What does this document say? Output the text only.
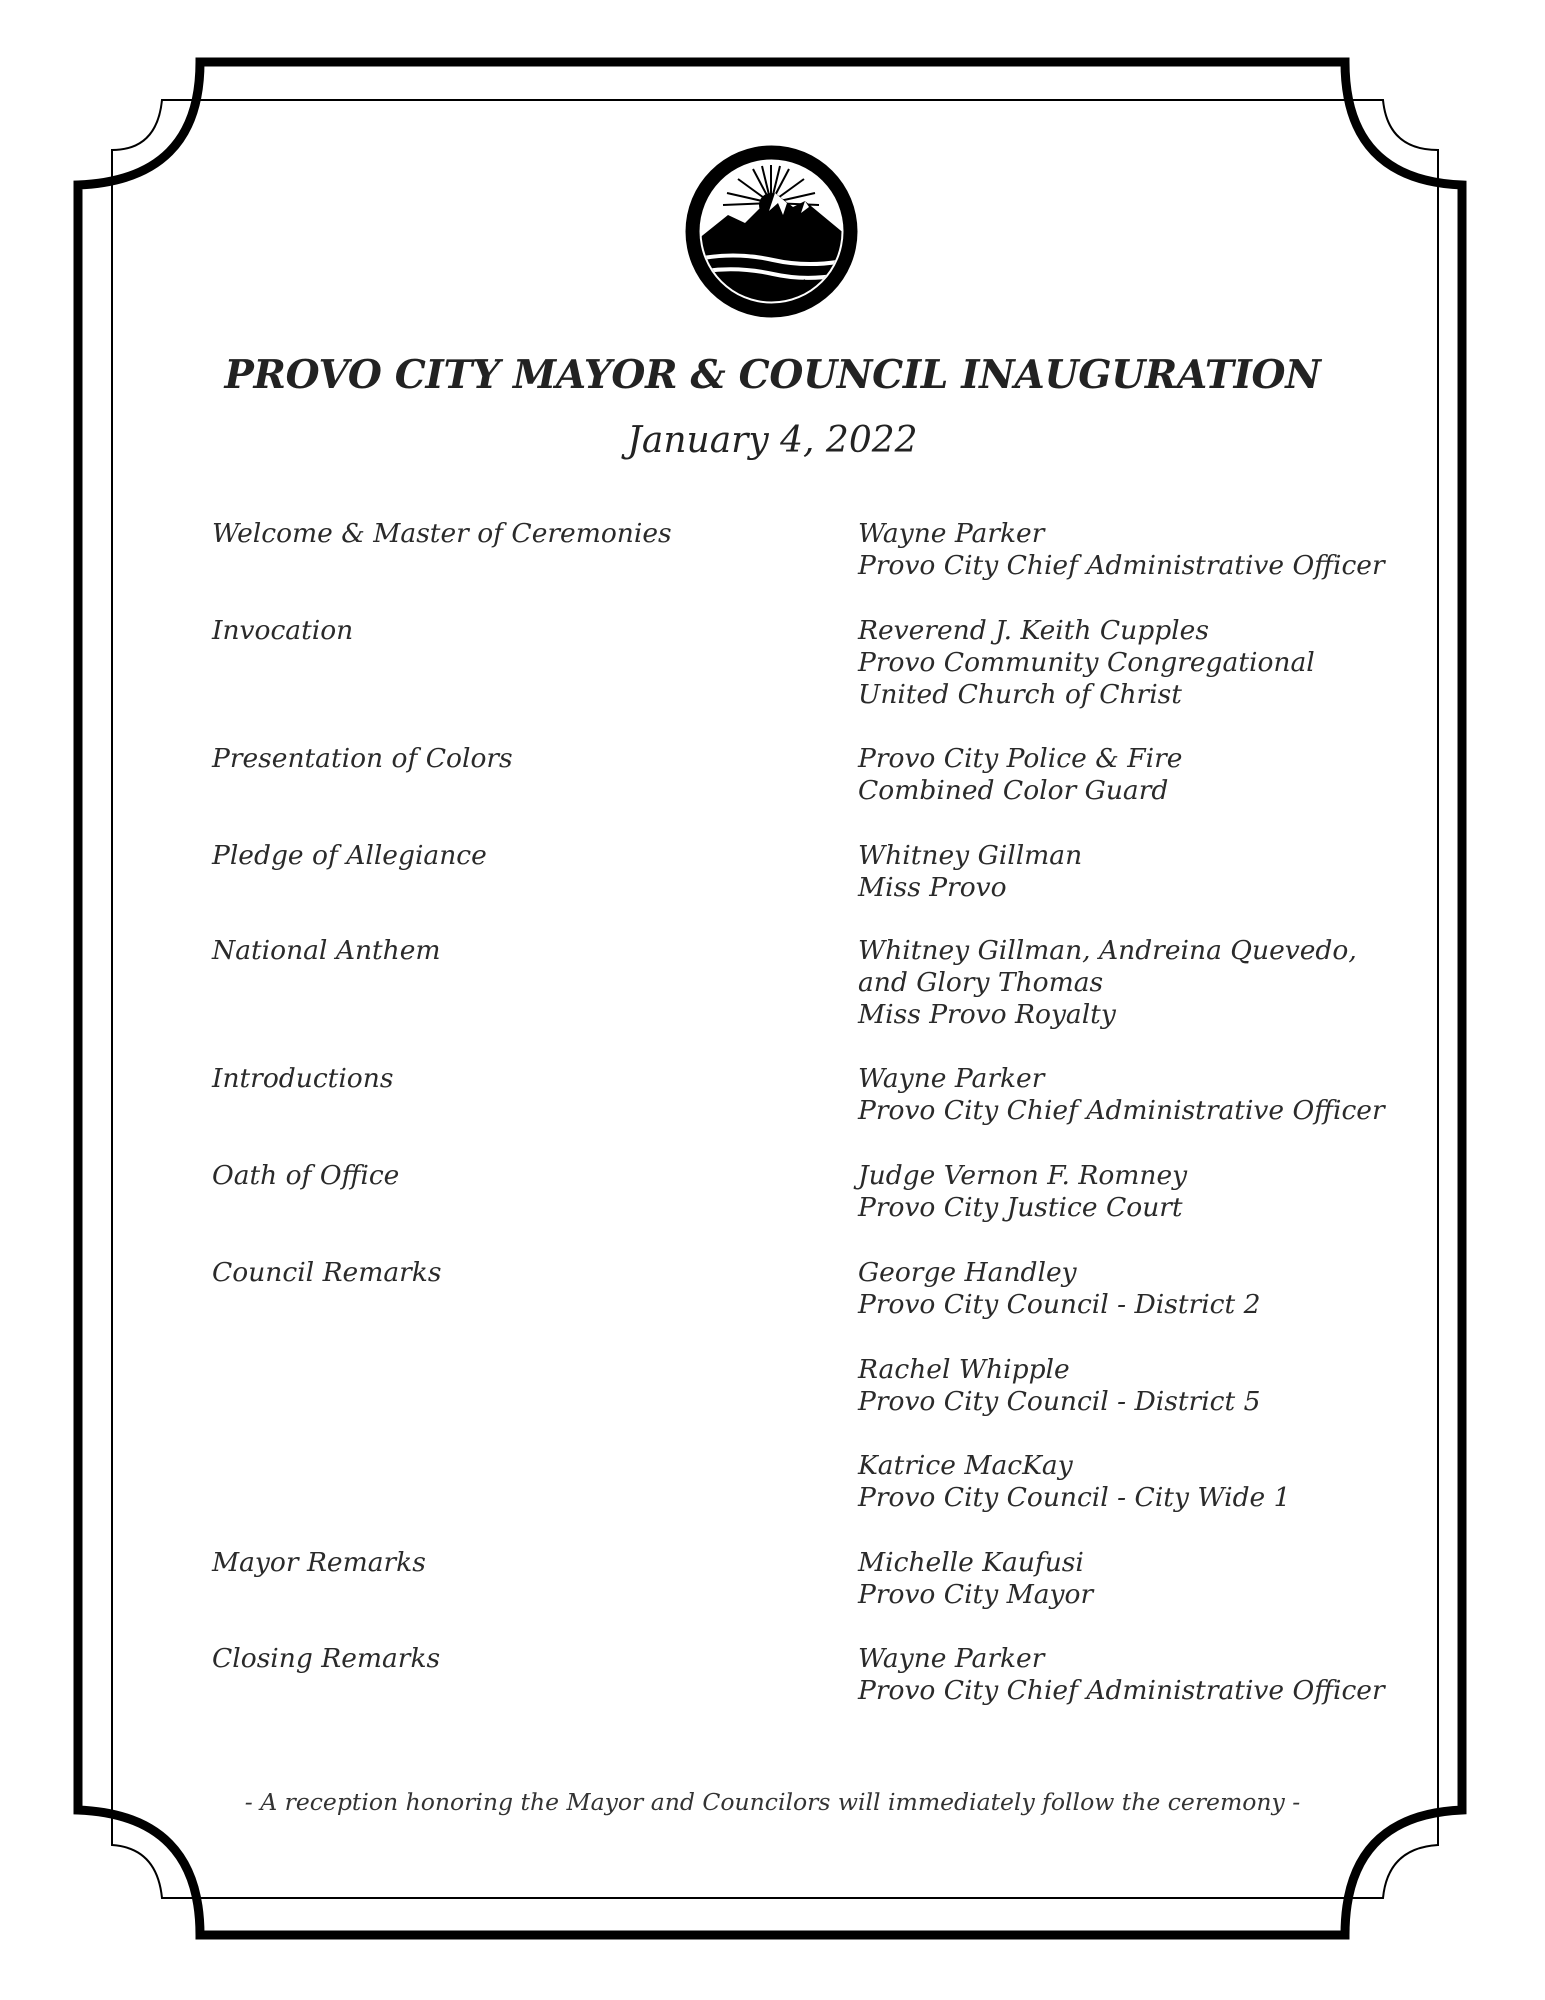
PROVO, UTAH
PROVO CITY MAYOR & COUNCIL INAUGURATION
January 4, 2022
Welcome & Master of Ceremonies	Wayne Parker
Provo City Chief Administrative Officer
Invocation	Reverend J. Keith Cupples
Provo Community Congregational
United Church of Christ
Presentation of Colors	Provo City Police & Fire
Combined Color Guard
Pledge of Allegiance	Whitney Gillman
Miss Provo
National Anthem	Whitney Gillman, Andreina Quevedo,
and Glory Thomas
Miss Provo Royalty
Introductions	Wayne Parker
Provo City Chief Administrative Officer
Oath of Office	Judge Vernon F. Romney
Provo City Justice Court
Council Remarks	George Handley
Provo City Council - District 2
Rachel Whipple
Provo City Council - District 5
Katrice MacKay
Provo City Council - City Wide 1
Mayor Remarks	Michelle Kaufusi
Provo City Mayor
Closing Remarks	Wayne Parker
Provo City Chief Administrative Officer
- A reception honoring the Mayor and Councilors will immediately follow the ceremony -
